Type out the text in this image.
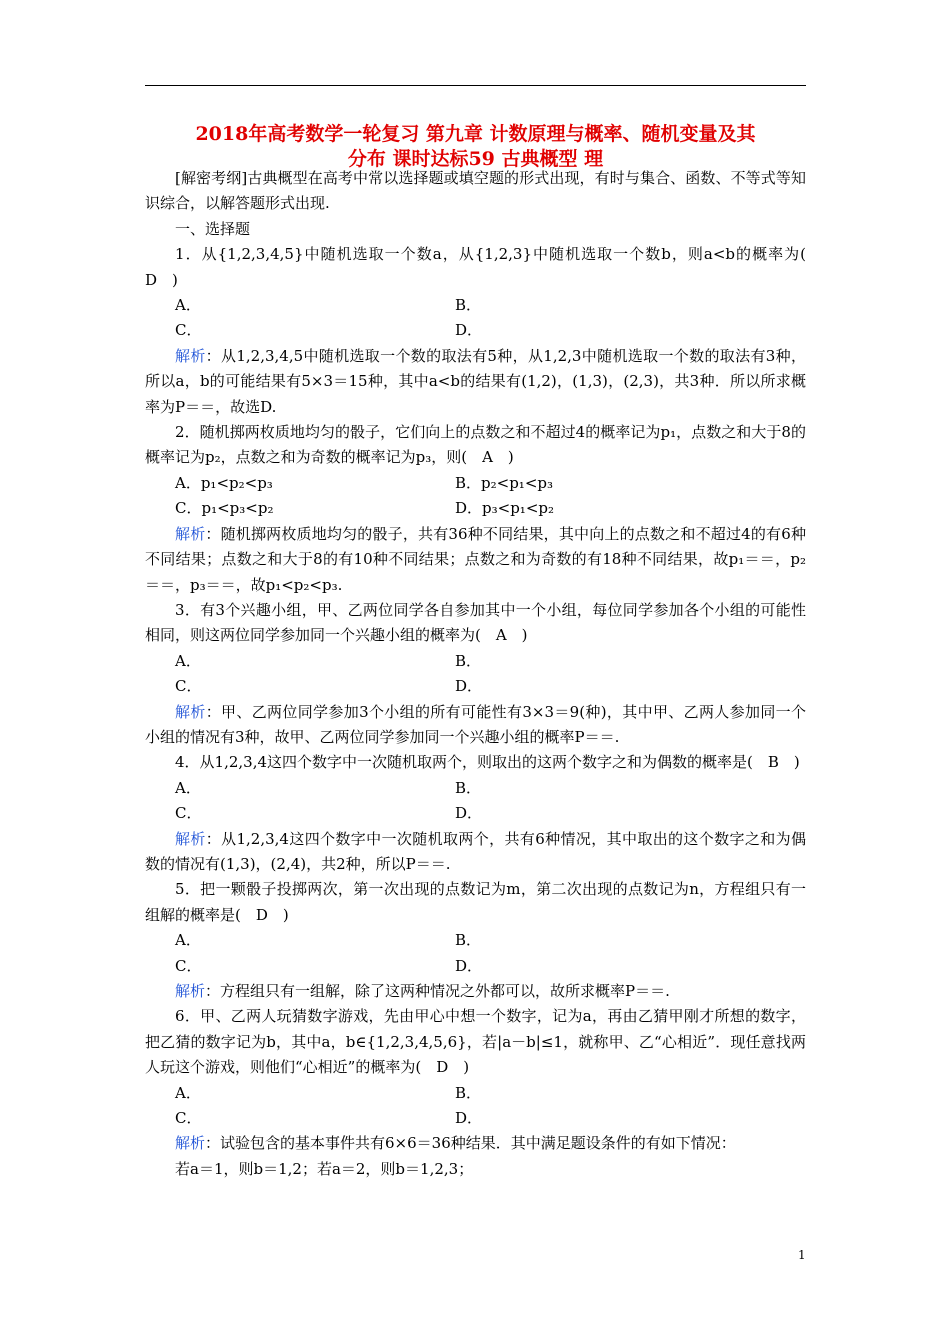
2018年高考数学一轮复习 第九章 计数原理与概率、随机变量及其
分布 课时达标59 古典概型 理

[解密考纲]古典概型在高考中常以选择题或填空题的形式出现，有时与集合、函数、不等式等知识综合，以解答题形式出现.

一、选择题

1．从{1,2,3,4,5}中随机选取一个数a，从{1,2,3}中随机选取一个数b，则a<b的概率为(　D　)

A．	B．
C．	D．

解析：从1,2,3,4,5中随机选取一个数的取法有5种，从1,2,3中随机选取一个数的取法有3种，所以a，b的可能结果有5×3＝15种，其中a<b的结果有(1,2)，(1,3)，(2,3)，共3种．所以所求概率为P＝＝，故选D.

2．随机掷两枚质地均匀的骰子，它们向上的点数之和不超过4的概率记为p₁，点数之和大于8的概率记为p₂，点数之和为奇数的概率记为p₃，则(　A　)

A．p₁<p₂<p₃	B．p₂<p₁<p₃
C．p₁<p₃<p₂	D．p₃<p₁<p₂

解析：随机掷两枚质地均匀的骰子，共有36种不同结果，其中向上的点数之和不超过4的有6种不同结果；点数之和大于8的有10种不同结果；点数之和为奇数的有18种不同结果，故p₁＝＝，p₂＝＝，p₃＝＝，故p₁<p₂<p₃.

3．有3个兴趣小组，甲、乙两位同学各自参加其中一个小组，每位同学参加各个小组的可能性相同，则这两位同学参加同一个兴趣小组的概率为(　A　)

A．	B．
C．	D．

解析：甲、乙两位同学参加3个小组的所有可能性有3×3＝9(种)，其中甲、乙两人参加同一个小组的情况有3种，故甲、乙两位同学参加同一个兴趣小组的概率P＝＝.

4．从1,2,3,4这四个数字中一次随机取两个，则取出的这两个数字之和为偶数的概率是(　B　)

A．	B．
C．	D．

解析：从1,2,3,4这四个数字中一次随机取两个，共有6种情况，其中取出的这个数字之和为偶数的情况有(1,3)，(2,4)，共2种，所以P＝＝.

5．把一颗骰子投掷两次，第一次出现的点数记为m，第二次出现的点数记为n，方程组只有一组解的概率是(　D　)

A．	B．
C．	D．

解析：方程组只有一组解，除了这两种情况之外都可以，故所求概率P＝＝.

6．甲、乙两人玩猜数字游戏，先由甲心中想一个数字，记为a，再由乙猜甲刚才所想的数字，把乙猜的数字记为b，其中a，b∈{1,2,3,4,5,6}，若|a－b|≤1，就称甲、乙“心相近”．现任意找两人玩这个游戏，则他们“心相近”的概率为(　D　)

A．	B．
C．	D．

解析：试验包含的基本事件共有6×6＝36种结果．其中满足题设条件的有如下情况：

若a＝1，则b＝1,2；若a＝2，则b＝1,2,3；

1
